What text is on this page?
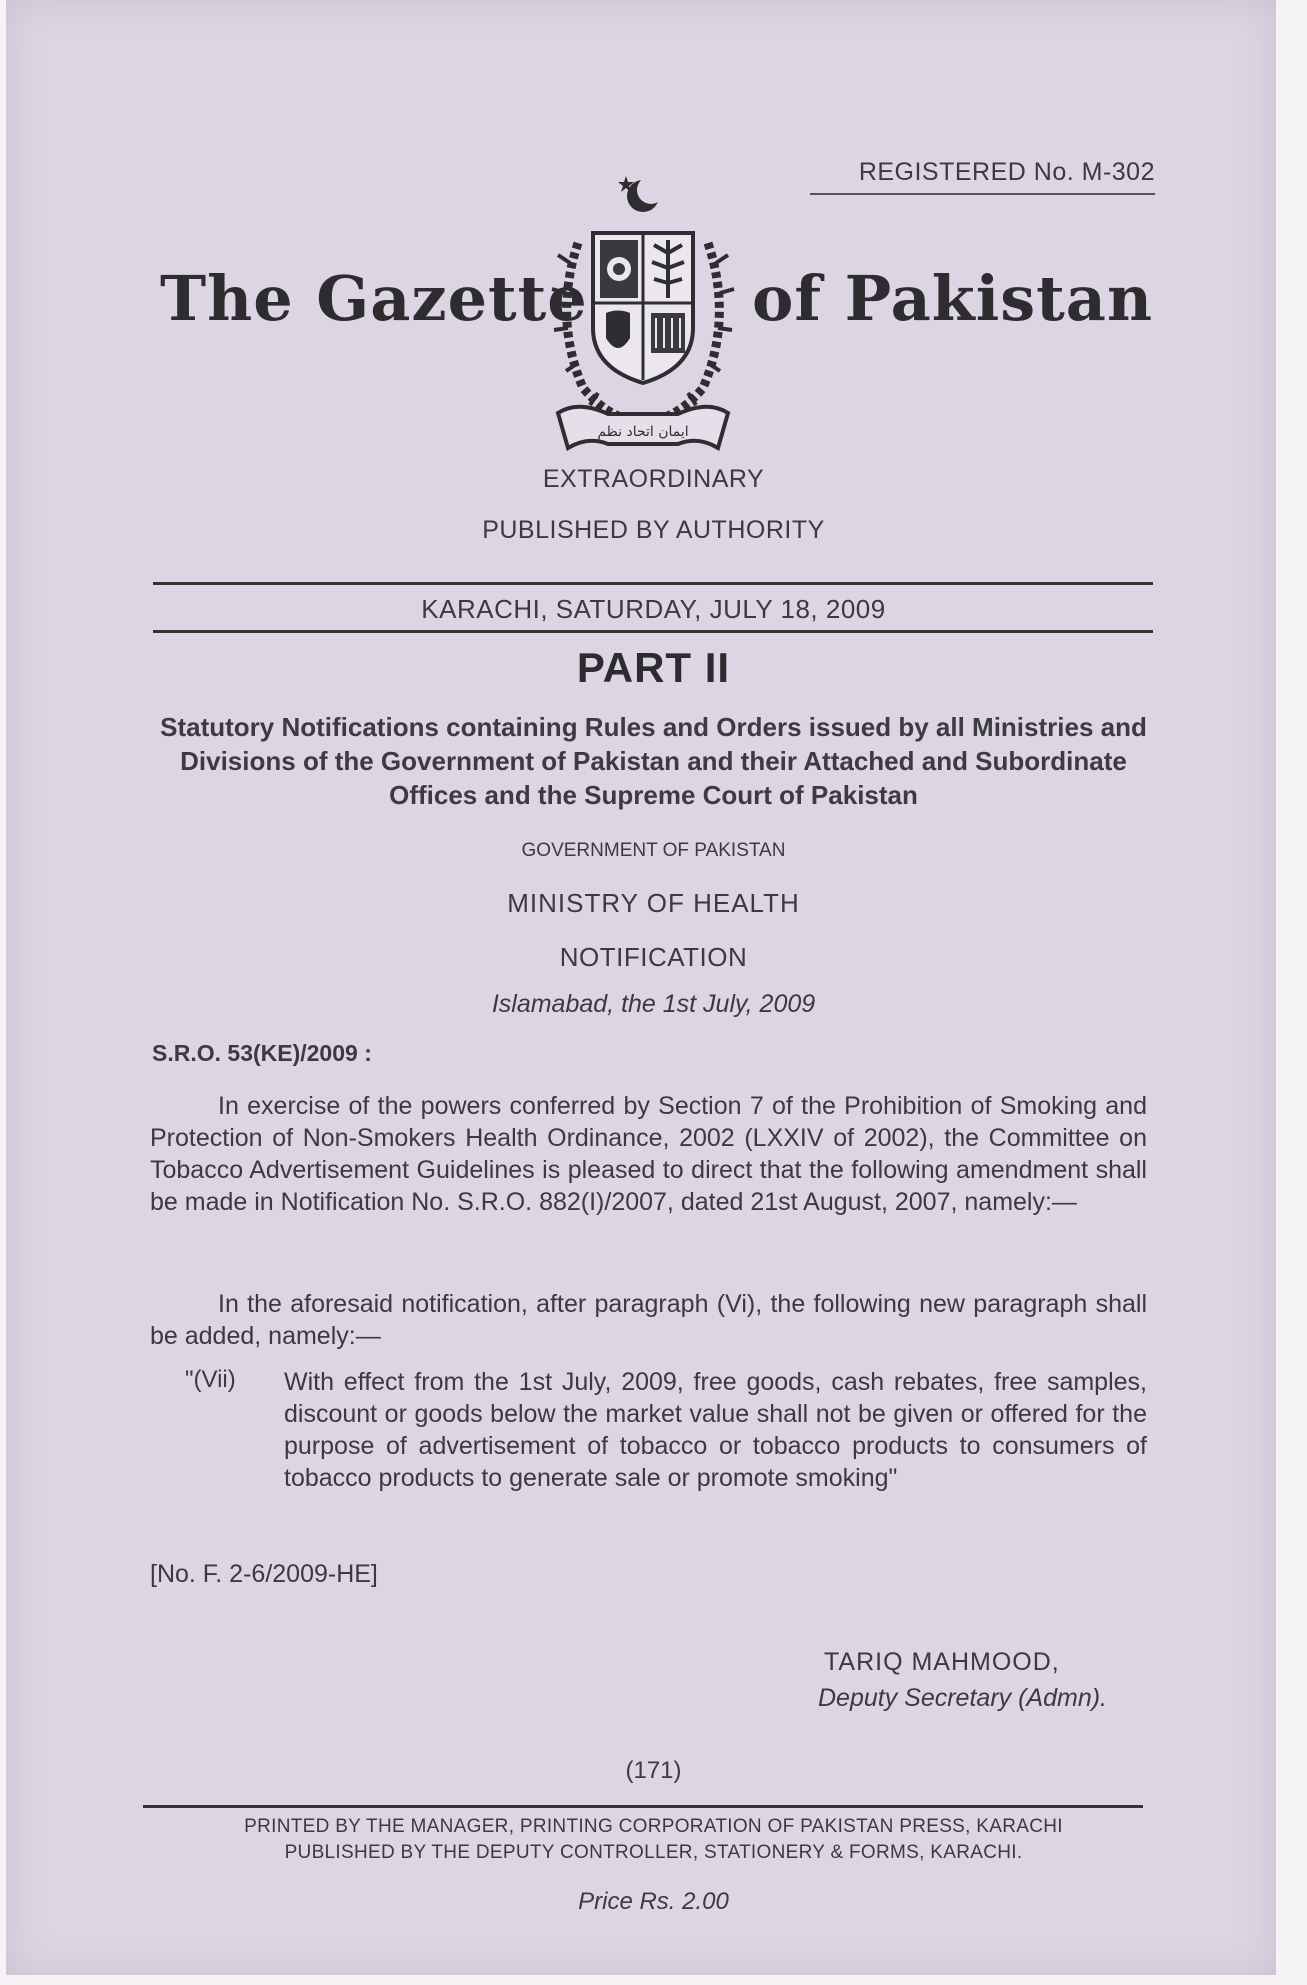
REGISTERED No. M-302
The Gazette	of Pakistan
ایمان اتحاد نظم
EXTRAORDINARY
PUBLISHED BY AUTHORITY
KARACHI, SATURDAY, JULY 18, 2009
PART II
Statutory Notifications containing Rules and Orders issued by all Ministries and Divisions of the Government of Pakistan and their Attached and Subordinate Offices and the Supreme Court of Pakistan
GOVERNMENT OF PAKISTAN
MINISTRY OF HEALTH
NOTIFICATION
Islamabad, the 1st July, 2009
S.R.O. 53(KE)/2009 :
In exercise of the powers conferred by Section 7 of the Prohibition of Smoking and Protection of Non-Smokers Health Ordinance, 2002 (LXXIV of 2002), the Committee on Tobacco Advertisement Guidelines is pleased to direct that the following amendment shall be made in Notification No. S.R.O. 882(I)/2007, dated 21st August, 2007, namely:—
In the aforesaid notification, after paragraph (Vi), the following new paragraph shall be added, namely:—
"(Vii) With effect from the 1st July, 2009, free goods, cash rebates, free samples, discount or goods below the market value shall not be given or offered for the purpose of advertisement of tobacco or tobacco products to consumers of tobacco products to generate sale or promote smoking"
[No. F. 2-6/2009-HE]
TARIQ MAHMOOD,
Deputy Secretary (Admn).
(171)
PRINTED BY THE MANAGER, PRINTING CORPORATION OF PAKISTAN PRESS, KARACHI
PUBLISHED BY THE DEPUTY CONTROLLER, STATIONERY & FORMS, KARACHI.
Price Rs. 2.00
